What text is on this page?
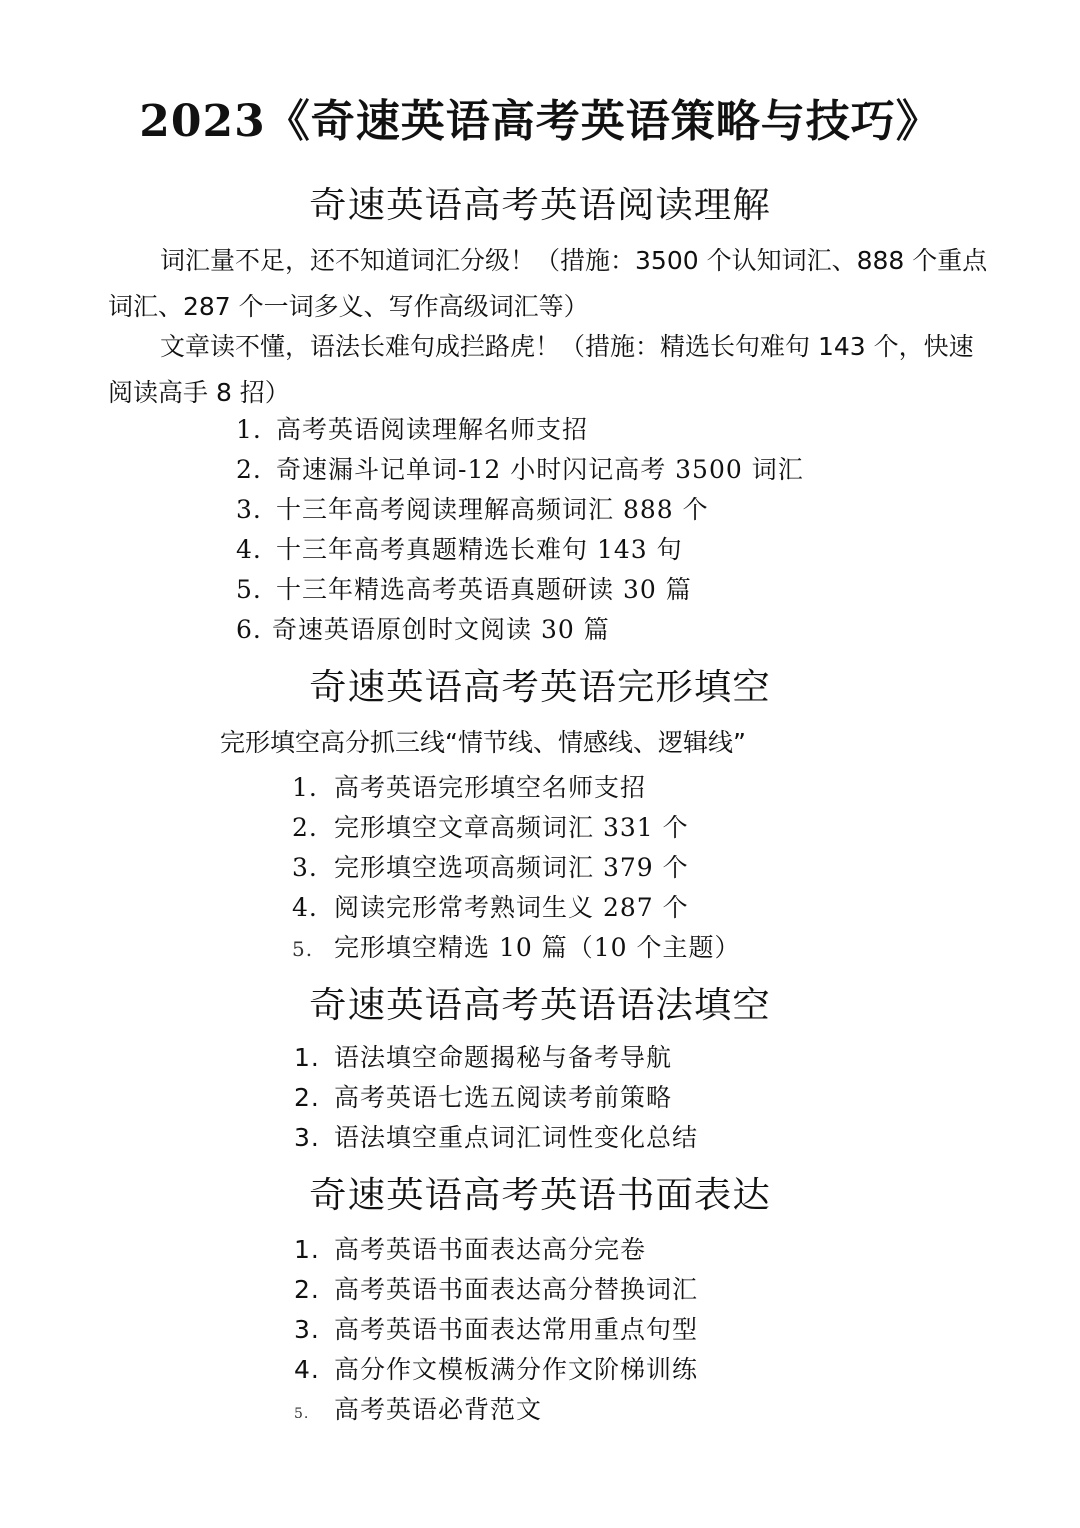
2023《奇速英语高考英语策略与技巧》
奇速英语高考英语阅读理解
词汇量不足，还不知道词汇分级！（措施：3500 个认知词汇、888 个重点词汇、287 个一词多义、写作高级词汇等）
文章读不懂，语法长难句成拦路虎！（措施：精选长句难句 143 个，快速阅读高手 8 招）
1. 高考英语阅读理解名师支招
2. 奇速漏斗记单词-12 小时闪记高考 3500 词汇
3. 十三年高考阅读理解高频词汇 888 个
4. 十三年高考真题精选长难句 143 句
5. 十三年精选高考英语真题研读 30 篇
6. 奇速英语原创时文阅读 30 篇
奇速英语高考英语完形填空
完形填空高分抓三线“情节线、情感线、逻辑线”
1. 高考英语完形填空名师支招
2. 完形填空文章高频词汇 331 个
3. 完形填空选项高频词汇 379 个
4. 阅读完形常考熟词生义 287 个
5. 完形填空精选 10 篇（10 个主题）
奇速英语高考英语语法填空
1. 语法填空命题揭秘与备考导航
2. 高考英语七选五阅读考前策略
3. 语法填空重点词汇词性变化总结
奇速英语高考英语书面表达
1. 高考英语书面表达高分完卷
2. 高考英语书面表达高分替换词汇
3. 高考英语书面表达常用重点句型
4. 高分作文模板满分作文阶梯训练
5. 高考英语必背范文
